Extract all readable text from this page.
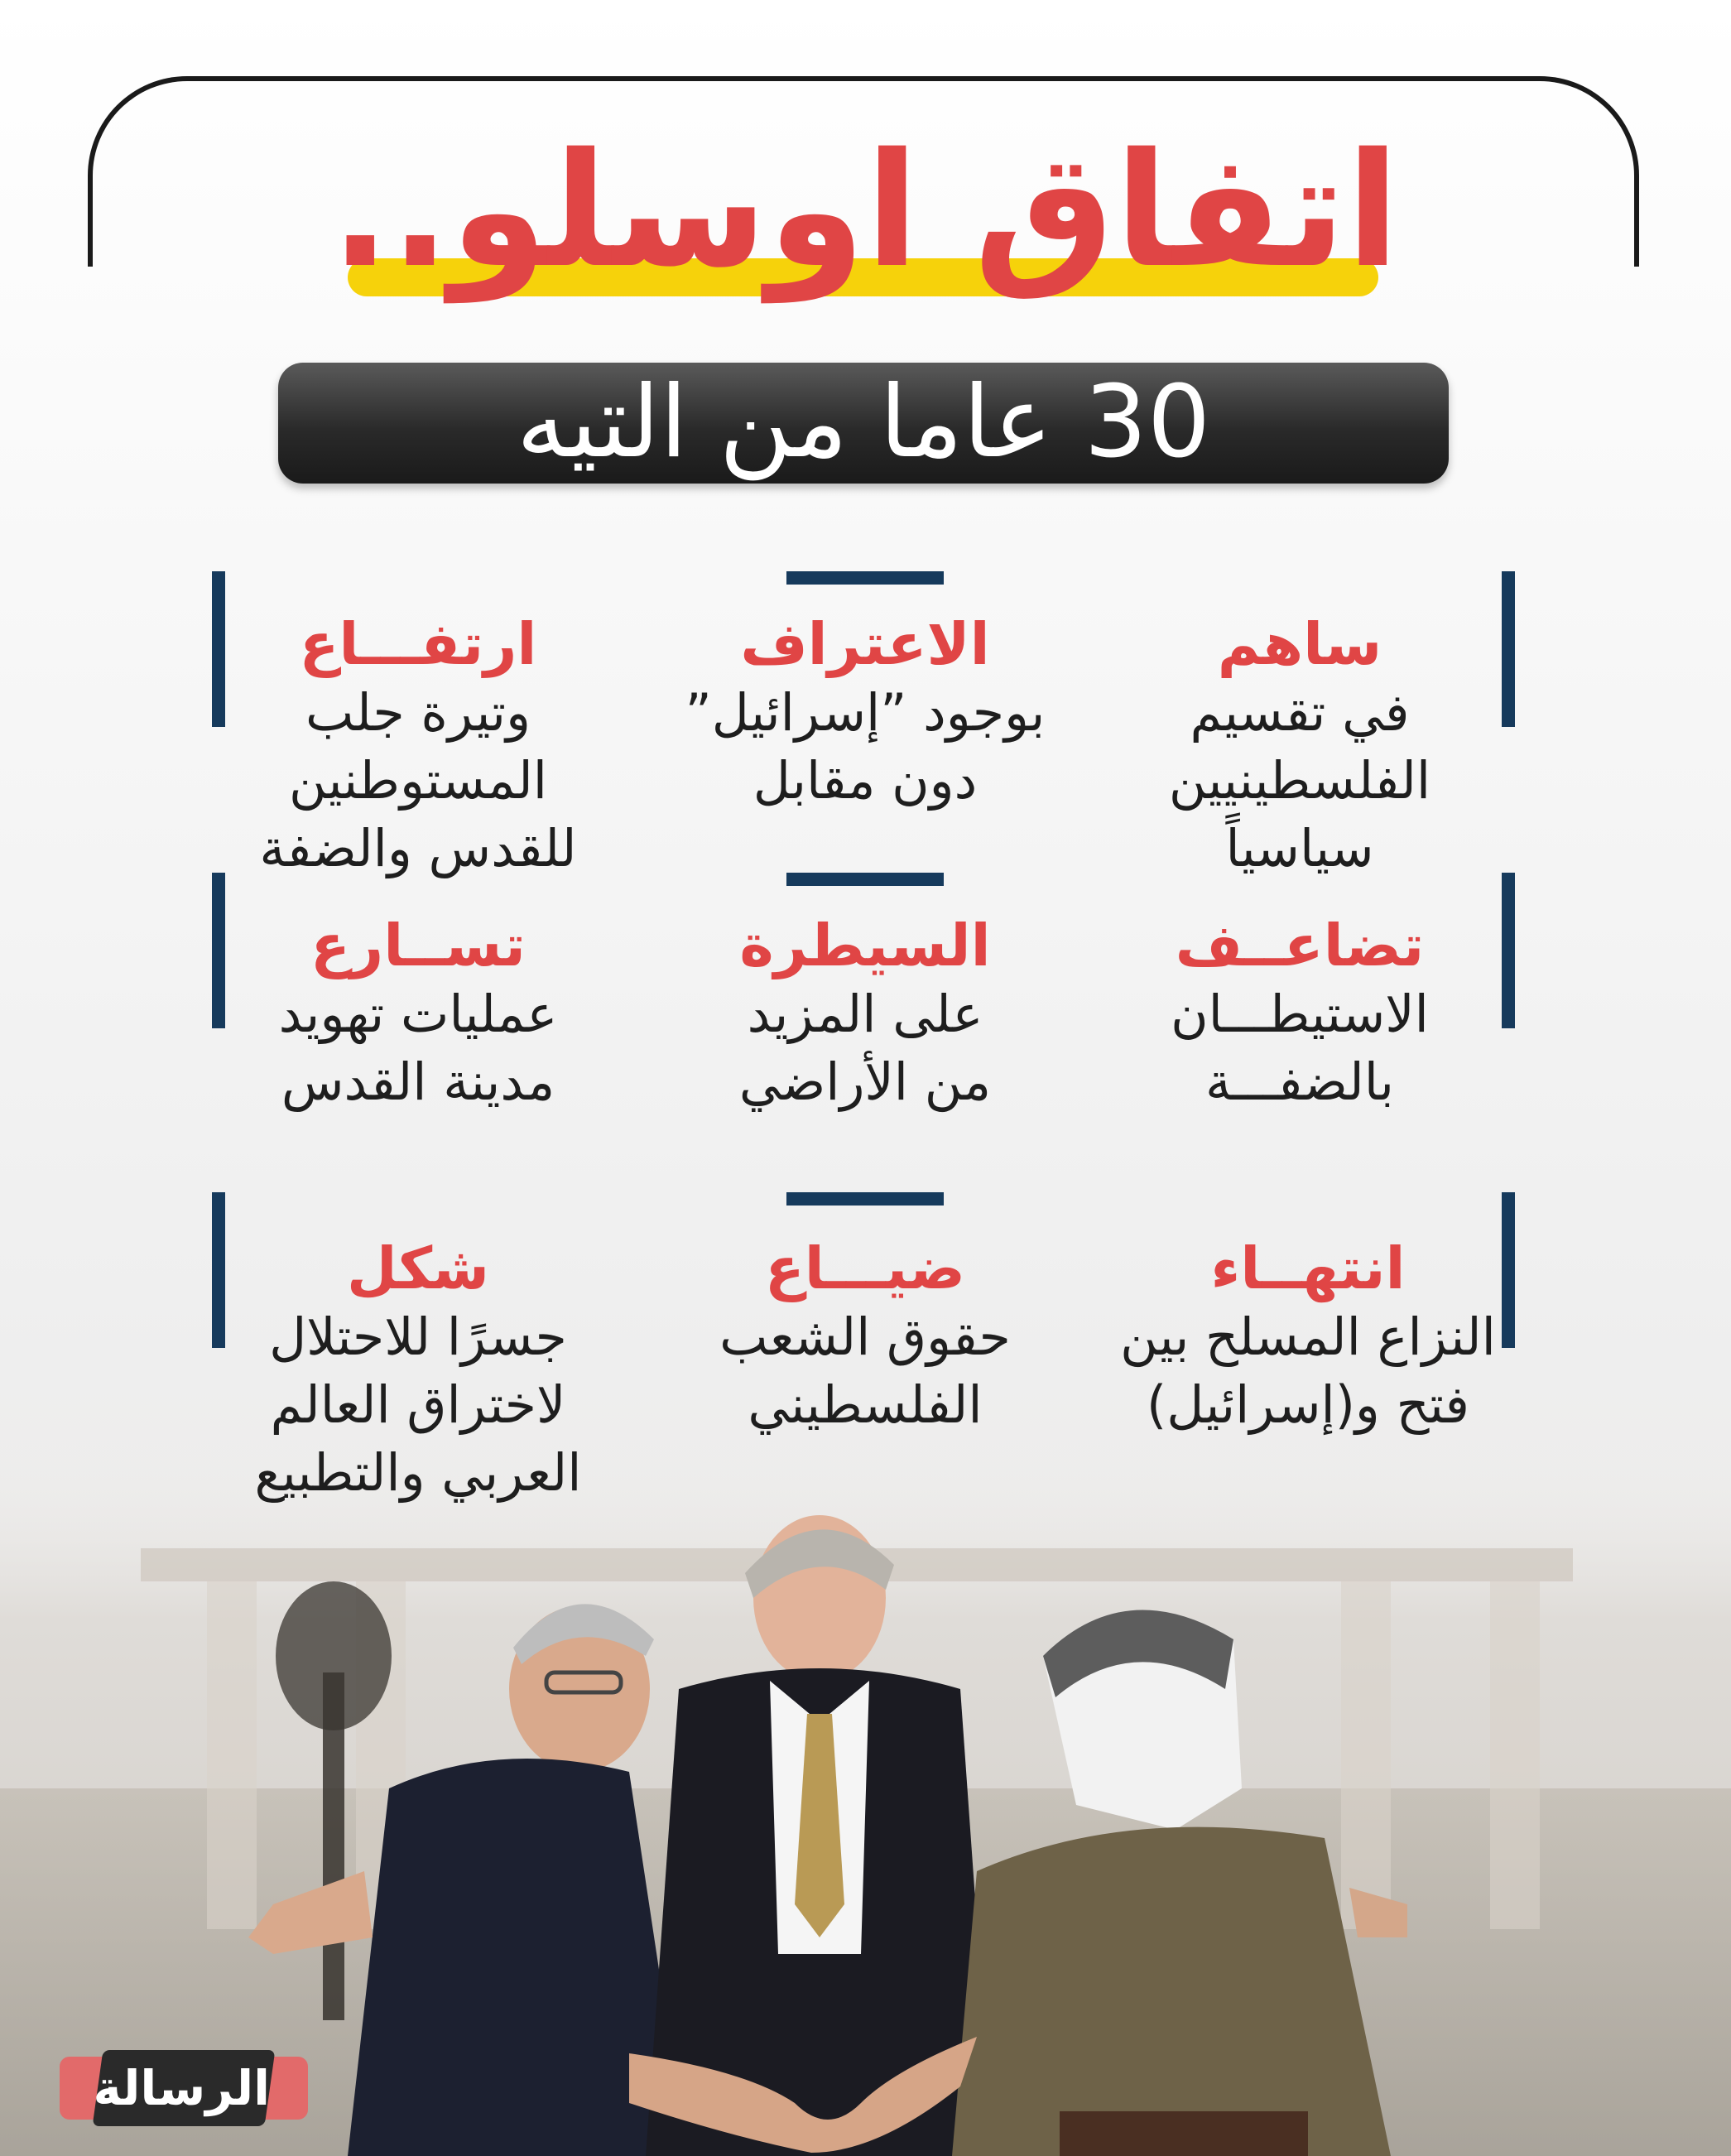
اتفاق اوسلو..
30 عاما من التيه
ساهم
في تقسيم
الفلسطينيين
سياسياً
الاعتراف
بوجود ”إسرائيل”
دون مقابل
ارتفـــاع
وتيرة جلب
المستوطنين
للقدس والضفة
تضاعــف
الاستيطـــان
بالضفـــة
السيطرة
على المزيد
من الأراضي
تســارع
عمليات تهويد
مدينة القدس
انتهــاء
النزاع المسلح بين
فتح و(إسرائيل)
ضيـــاع
حقوق الشعب
الفلسطيني
شكل
جسرًا للاحتلال
لاختراق العالم
العربي والتطبيع
الرسالة
